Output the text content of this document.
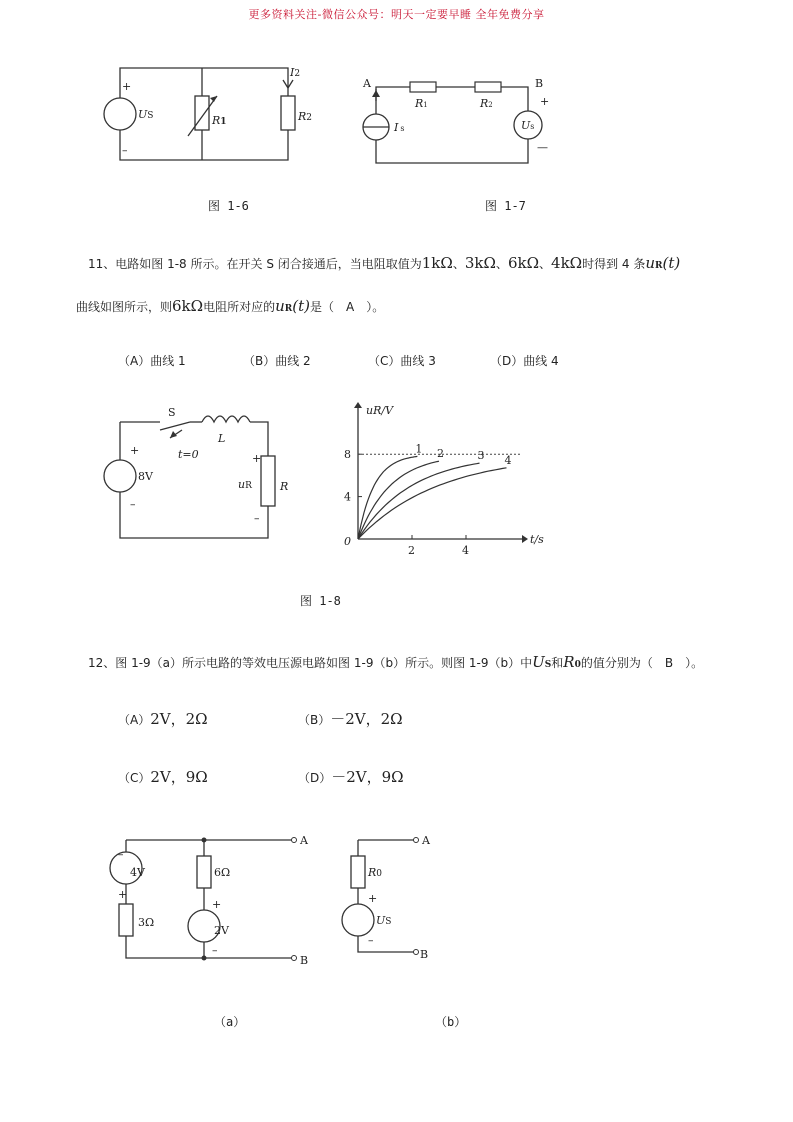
更多资料关注-微信公众号：明天一定要早睡 全年免费分享
+
–
US	R1
I2
R2
图 1-6
A	B
R1	R2
I s	Us
+
—
图 1-7
11、电路如图 1-8 所示。在开关 S 闭合接通后，当电阻取值为1kΩ、3kΩ、6kΩ、4kΩ时得到 4 条uR(t)
曲线如图所示，则6kΩ电阻所对应的uR(t)是（　A　）。
（A）曲线 1	（B）曲线 2	（C）曲线 3	（D）曲线 4
S
L
t=0
8V
+
–
+
–
uR	R
uR/V
t/s
0
2	4
4
8	1 2	3 4
图 1-8
12、图 1-9（a）所示电路的等效电压源电路如图 1-9（b）所示。则图 1-9（b）中US和R0的值分别为（　B　）。
（A）2V，2Ω	（B）－2V，2Ω
（C）2V，9Ω	（D）－2V，9Ω
–
4V
+
3Ω
6Ω
+
2V
–
A
B
（a）
R0
+
US
–
A
B
（b）
